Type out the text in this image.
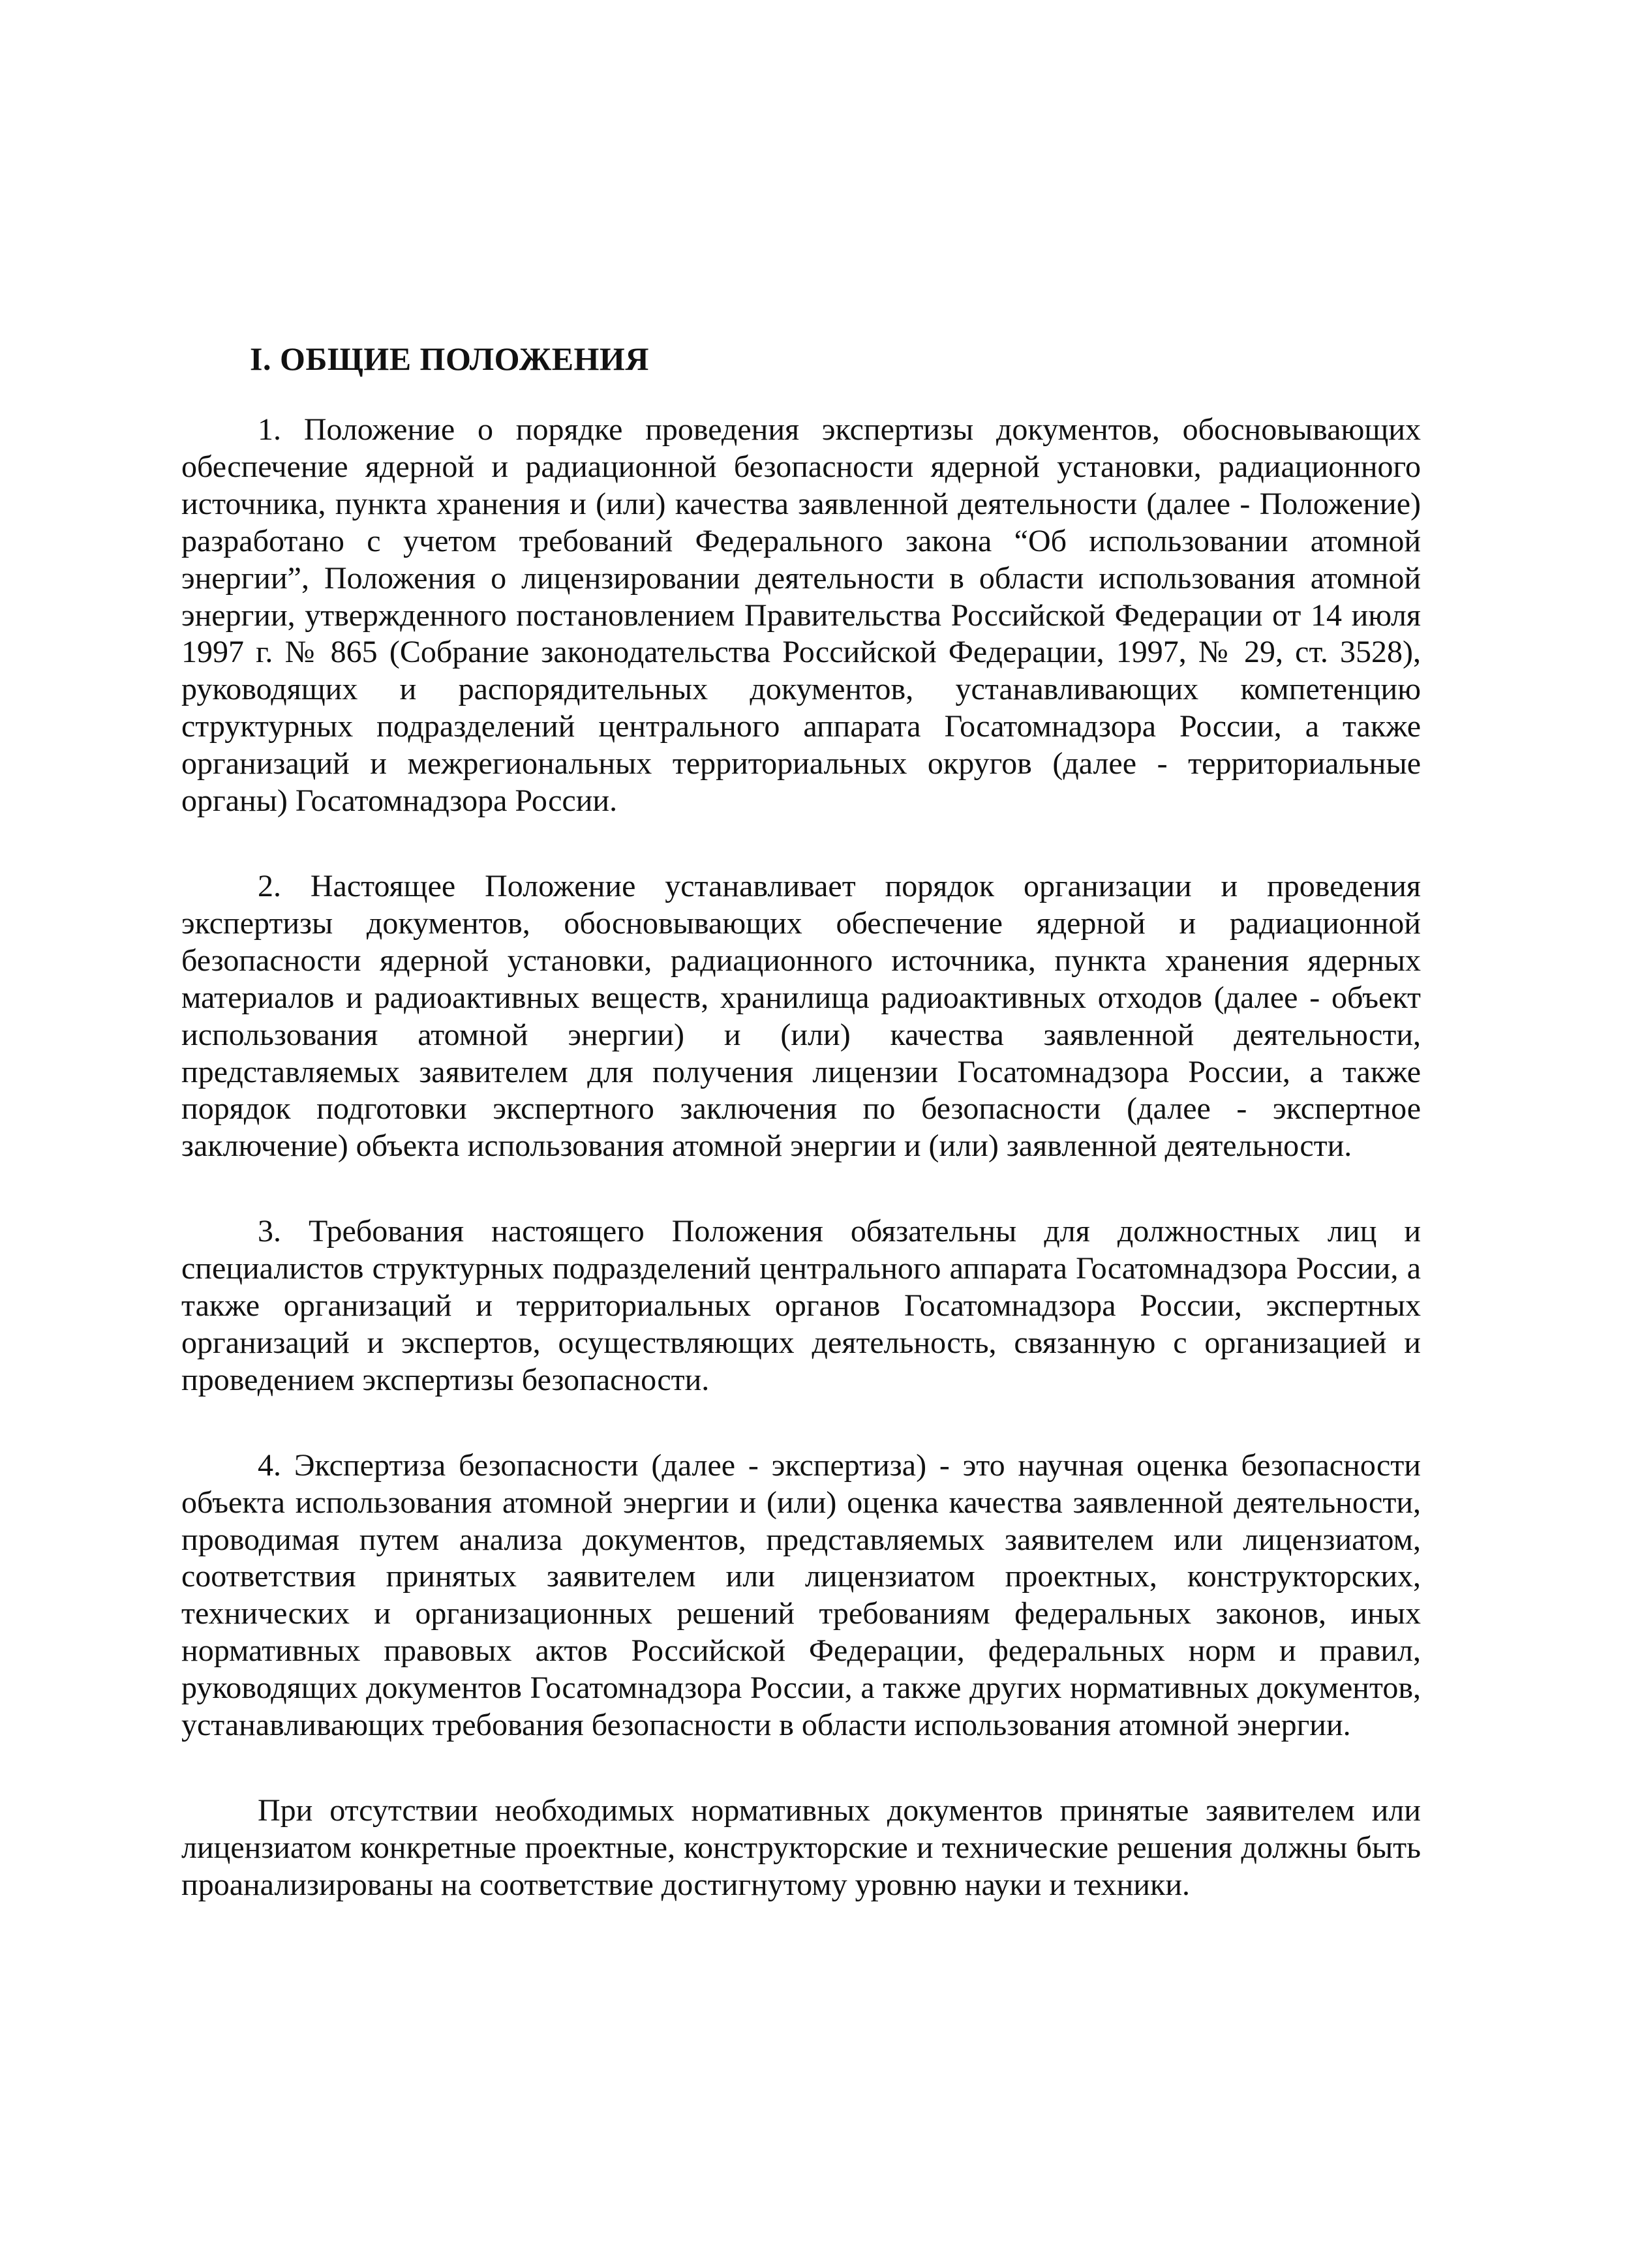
I. ОБЩИЕ ПОЛОЖЕНИЯ

1. Положение о порядке проведения экспертизы документов, обосновывающих обеспечение ядерной и радиационной безопасности ядерной установки, радиационного источника, пункта хранения и (или) качества заявленной деятельности (далее - Положение) разработано с учетом требований Федерального закона “Об использовании атомной энергии”, Положения о лицензировании деятельности в области использования атомной энергии, утвержденного постановлением Правительства Российской Федерации от 14 июля 1997 г. № 865 (Собрание законодательства Российской Федерации, 1997, № 29, ст. 3528), руководящих и распорядительных документов, устанавливающих компетенцию структурных подразделений центрального аппарата Госатомнадзора России, а также организаций и межрегиональных территориальных округов (далее - территориальные органы) Госатомнадзора России.

2. Настоящее Положение устанавливает порядок организации и проведения экспертизы документов, обосновывающих обеспечение ядерной и радиационной безопасности ядерной установки, радиационного источника, пункта хранения ядерных материалов и радиоактивных веществ, хранилища радиоактивных отходов (далее - объект использования атомной энергии) и (или) качества заявленной деятельности, представляемых заявителем для получения лицензии Госатомнадзора России, а также порядок подготовки экспертного заключения по безопасности (далее - экспертное заключение) объекта использования атомной энергии и (или) заявленной деятельности.

3. Требования настоящего Положения обязательны для должностных лиц и специалистов структурных подразделений центрального аппарата Госатомнадзора России, а также организаций и территориальных органов Госатомнадзора России, экспертных организаций и экспертов, осуществляющих деятельность, связанную с организацией и проведением экспертизы безопасности.

4. Экспертиза безопасности (далее - экспертиза) - это научная оценка безопасности объекта использования атомной энергии и (или) оценка качества заявленной деятельности, проводимая путем анализа документов, представляемых заявителем или лицензиатом, соответствия принятых заявителем или лицензиатом проектных, конструкторских, технических и организационных решений требованиям федеральных законов, иных нормативных правовых актов Российской Федерации, федеральных норм и правил, руководящих документов Госатомнадзора России, а также других нормативных документов, устанавливающих требования безопасности в области использования атомной энергии.

При отсутствии необходимых нормативных документов принятые заявителем или лицензиатом конкретные проектные, конструкторские и технические решения должны быть проанализированы на соответствие достигнутому уровню науки и техники.
